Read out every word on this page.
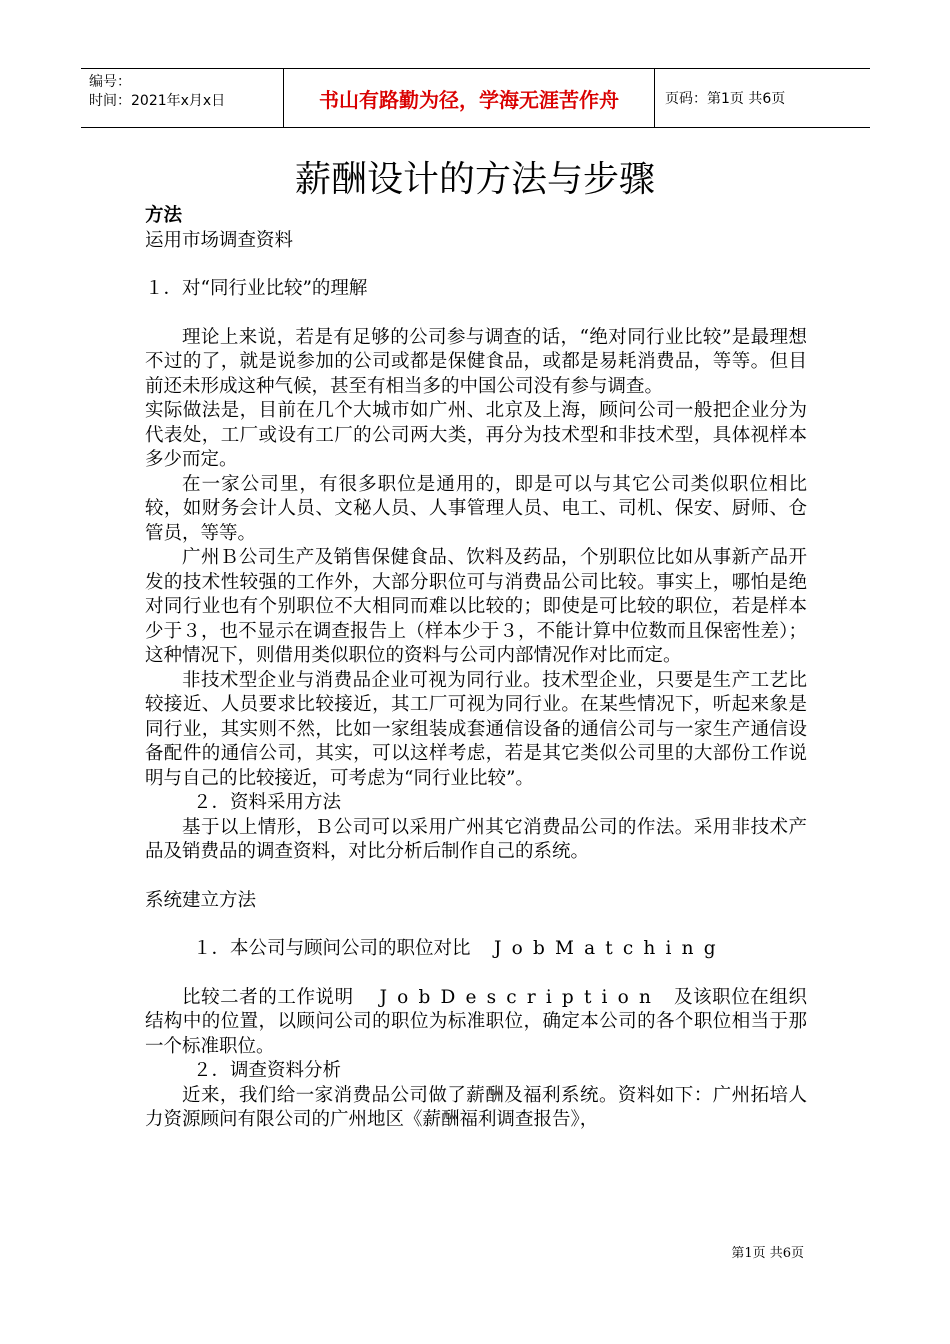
编号：
时间：2021年x月x日	书山有路勤为径，学海无涯苦作舟	页码：第1页 共6页
薪酬设计的方法与步骤

方法

运用市场调查资料

１．对“同行业比较”的理解

理论上来说，若是有足够的公司参与调查的话，“绝对同行业比较”是最理想不过的了，就是说参加的公司或都是保健食品，或都是易耗消费品，等等。但目前还未形成这种气候，甚至有相当多的中国公司没有参与调查。

实际做法是，目前在几个大城市如广州、北京及上海，顾问公司一般把企业分为代表处，工厂或设有工厂的公司两大类，再分为技术型和非技术型，具体视样本多少而定。

在一家公司里，有很多职位是通用的，即是可以与其它公司类似职位相比较，如财务会计人员、文秘人员、人事管理人员、电工、司机、保安、厨师、仓管员，等等。

广州Ｂ公司生产及销售保健食品、饮料及药品，个别职位比如从事新产品开发的技术性较强的工作外，大部分职位可与消费品公司比较。事实上，哪怕是绝对同行业也有个别职位不大相同而难以比较的；即使是可比较的职位，若是样本少于３，也不显示在调查报告上（样本少于３，不能计算中位数而且保密性差）；这种情况下，则借用类似职位的资料与公司内部情况作对比而定。

非技术型企业与消费品企业可视为同行业。技术型企业，只要是生产工艺比较接近、人员要求比较接近，其工厂可视为同行业。在某些情况下，听起来象是同行业，其实则不然，比如一家组装成套通信设备的通信公司与一家生产通信设备配件的通信公司，其实，可以这样考虑，若是其它类似公司里的大部份工作说明与自己的比较接近，可考虑为“同行业比较”。

２．资料采用方法

基于以上情形，Ｂ公司可以采用广州其它消费品公司的作法。采用非技术产品及销费品的调查资料，对比分析后制作自己的系统。

系统建立方法

１．本公司与顾问公司的职位对比 JobMatching

比较二者的工作说明 JobDescription 及该职位在组织结构中的位置，以顾问公司的职位为标准职位，确定本公司的各个职位相当于那一个标准职位。

２．调查资料分析

近来，我们给一家消费品公司做了薪酬及福利系统。资料如下：广州拓培人力资源顾问有限公司的广州地区《薪酬福利调查报告》，

第1页 共6页
